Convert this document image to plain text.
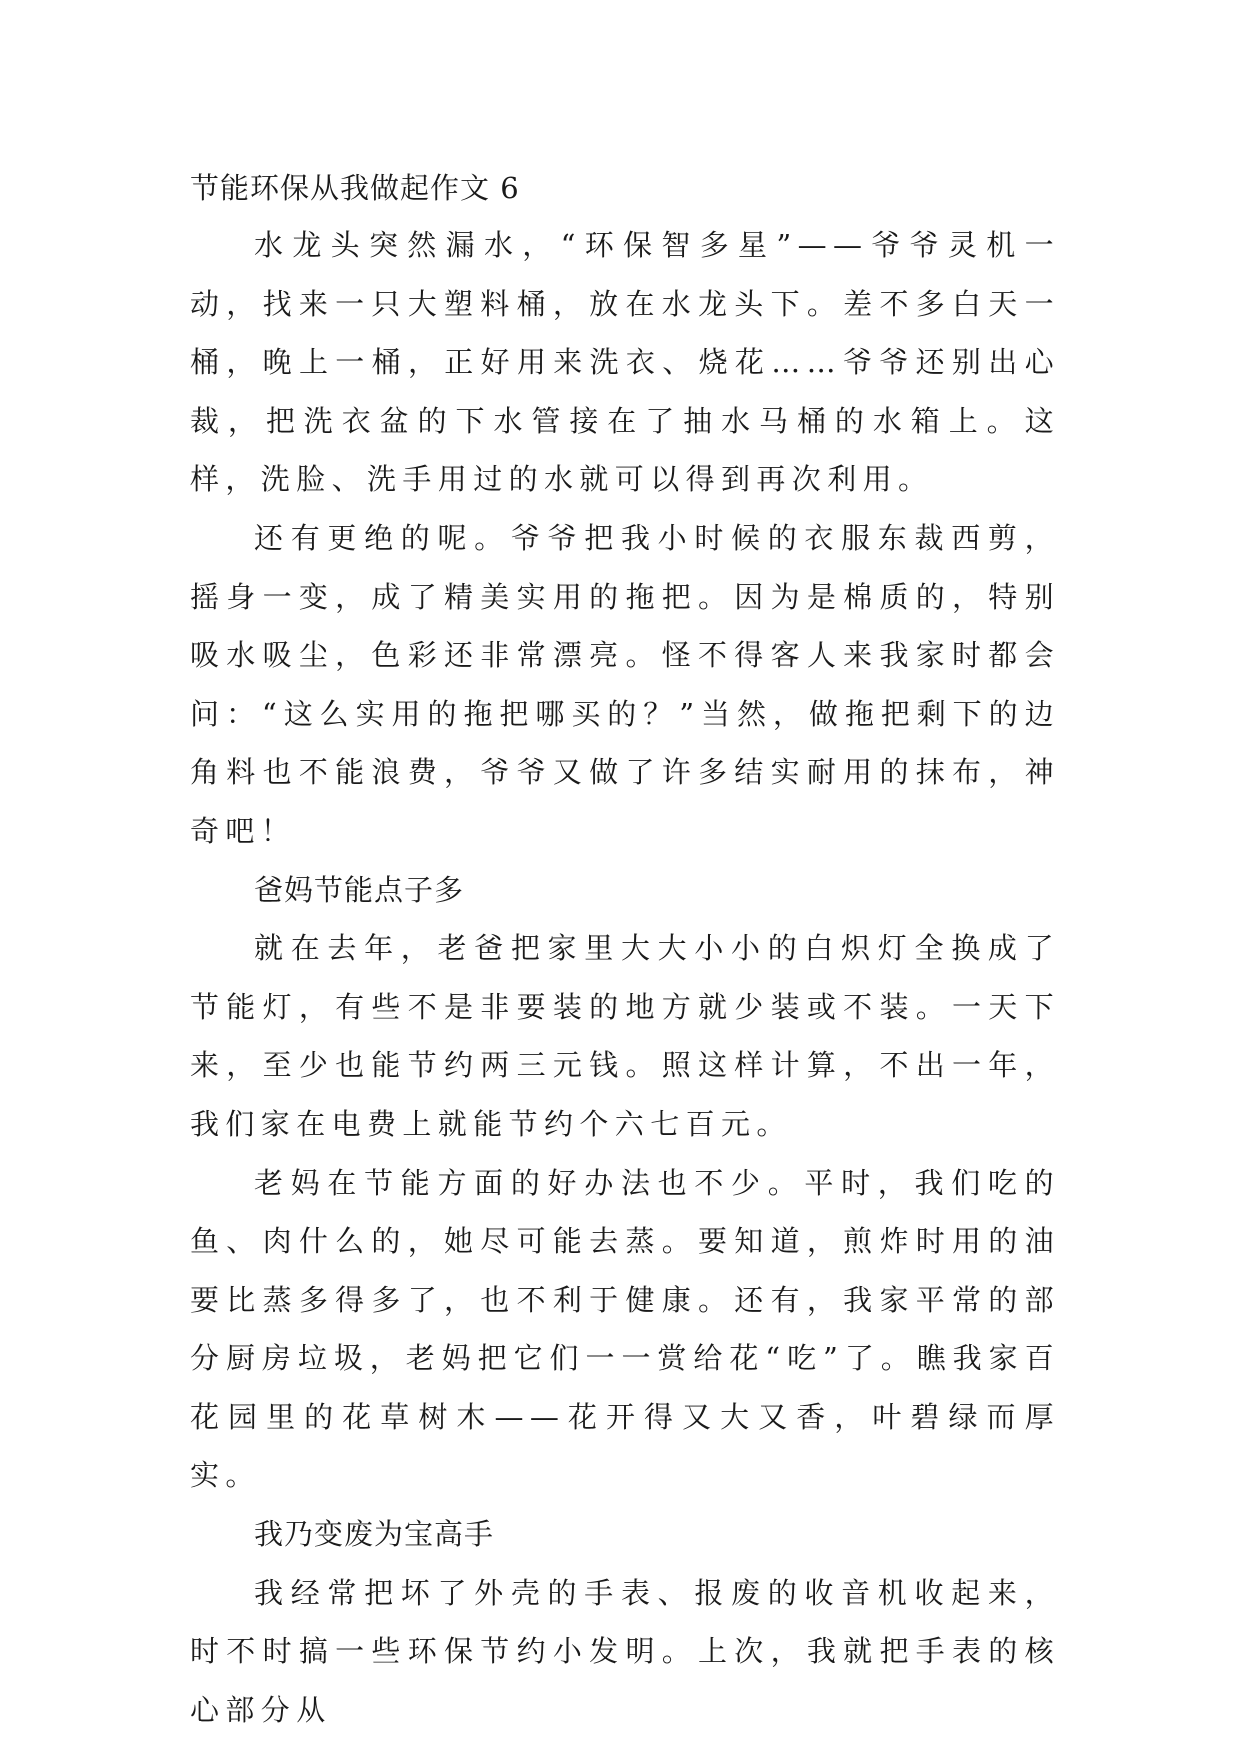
节能环保从我做起作文 6

水龙头突然漏水，“环保智多星”——爷爷灵机一动，找来一只大塑料桶，放在水龙头下。差不多白天一桶，晚上一桶，正好用来洗衣、烧花……爷爷还别出心裁，把洗衣盆的下水管接在了抽水马桶的水箱上。这样，洗脸、洗手用过的水就可以得到再次利用。

还有更绝的呢。爷爷把我小时候的衣服东裁西剪，摇身一变，成了精美实用的拖把。因为是棉质的，特别吸水吸尘，色彩还非常漂亮。怪不得客人来我家时都会问：“这么实用的拖把哪买的？”当然，做拖把剩下的边角料也不能浪费，爷爷又做了许多结实耐用的抹布，神奇吧！

爸妈节能点子多

就在去年，老爸把家里大大小小的白炽灯全换成了节能灯，有些不是非要装的地方就少装或不装。一天下来，至少也能节约两三元钱。照这样计算，不出一年，我们家在电费上就能节约个六七百元。

老妈在节能方面的好办法也不少。平时，我们吃的鱼、肉什么的，她尽可能去蒸。要知道，煎炸时用的油要比蒸多得多了，也不利于健康。还有，我家平常的部分厨房垃圾，老妈把它们一一赏给花“吃”了。瞧我家百花园里的花草树木——花开得又大又香，叶碧绿而厚实。

我乃变废为宝高手

我经常把坏了外壳的手表、报废的收音机收起来，时不时搞一些环保节约小发明。上次，我就把手表的核心部分从
